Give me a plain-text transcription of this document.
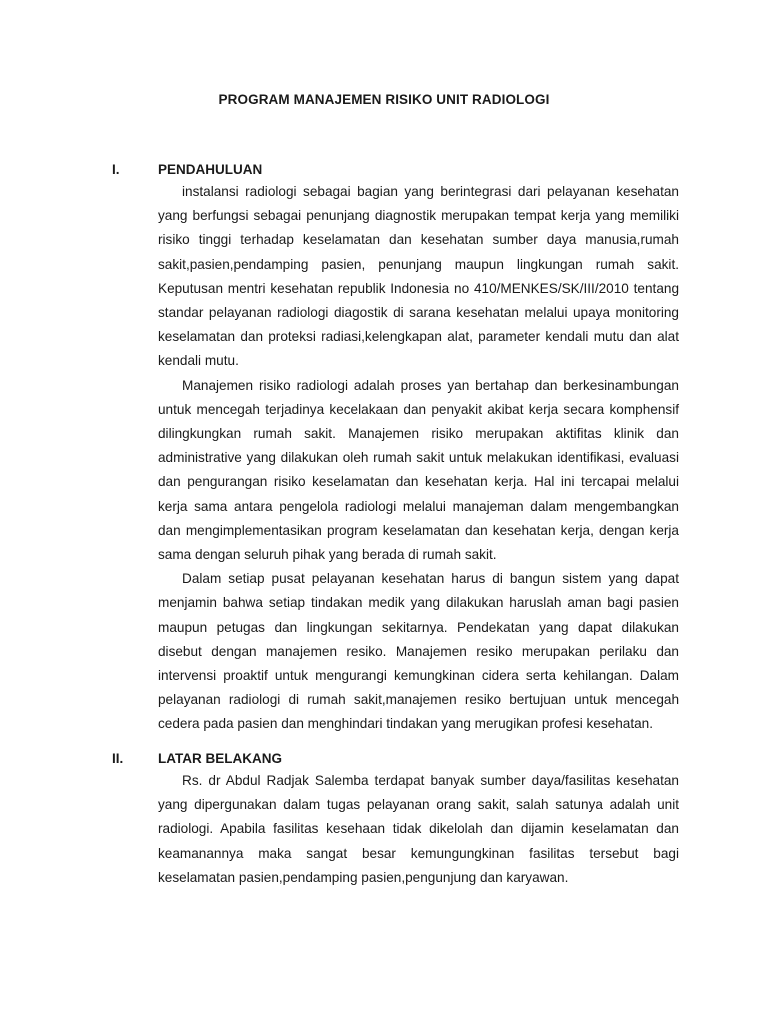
PROGRAM MANAJEMEN RISIKO UNIT RADIOLOGI
I.	PENDAHULUAN

instalansi radiologi sebagai bagian yang berintegrasi dari pelayanan kesehatan yang berfungsi sebagai penunjang diagnostik merupakan tempat kerja yang memiliki risiko tinggi terhadap keselamatan dan kesehatan sumber daya manusia,rumah sakit,pasien,pendamping pasien, penunjang maupun lingkungan rumah sakit. Keputusan mentri kesehatan republik Indonesia no 410/MENKES/SK/III/2010 tentang standar pelayanan radiologi diagostik di sarana kesehatan melalui upaya monitoring keselamatan dan proteksi radiasi,kelengkapan alat, parameter kendali mutu dan alat kendali mutu.

Manajemen risiko radiologi adalah proses yan bertahap dan berkesinambungan untuk mencegah terjadinya kecelakaan dan penyakit akibat kerja secara komphensif dilingkungkan rumah sakit. Manajemen risiko merupakan aktifitas klinik dan administrative yang dilakukan oleh rumah sakit untuk melakukan identifikasi, evaluasi dan pengurangan risiko keselamatan dan kesehatan kerja. Hal ini tercapai melalui kerja sama antara pengelola radiologi melalui manajeman dalam mengembangkan dan mengimplementasikan program keselamatan dan kesehatan kerja, dengan kerja sama dengan seluruh pihak yang berada di rumah sakit.

Dalam setiap pusat pelayanan kesehatan harus di bangun sistem yang dapat menjamin bahwa setiap tindakan medik yang dilakukan haruslah aman bagi pasien maupun petugas dan lingkungan sekitarnya. Pendekatan yang dapat dilakukan disebut dengan manajemen resiko. Manajemen resiko merupakan perilaku dan intervensi proaktif untuk mengurangi kemungkinan cidera serta kehilangan. Dalam pelayanan radiologi di rumah sakit,manajemen resiko bertujuan untuk mencegah cedera pada pasien dan menghindari tindakan yang merugikan profesi kesehatan.

II.	LATAR BELAKANG

Rs. dr Abdul Radjak Salemba terdapat banyak sumber daya/fasilitas kesehatan yang dipergunakan dalam tugas pelayanan orang sakit, salah satunya adalah unit radiologi. Apabila fasilitas kesehaan tidak dikelolah dan dijamin keselamatan dan keamanannya maka sangat besar kemungungkinan fasilitas tersebut bagi keselamatan pasien,pendamping pasien,pengunjung dan karyawan.
